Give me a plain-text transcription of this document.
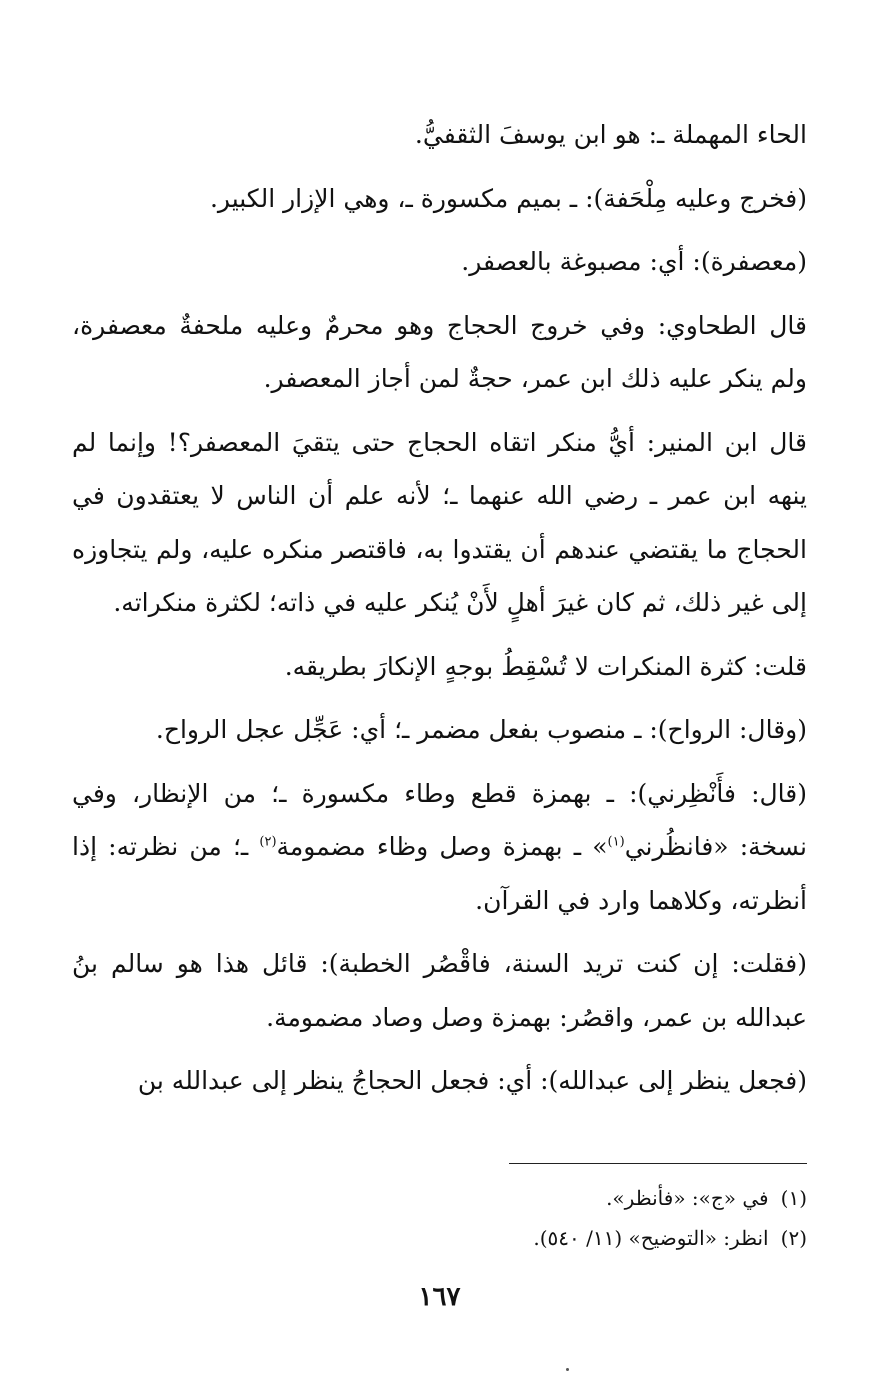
الحاء المهملة ـ: هو ابن يوسفَ الثقفيُّ.

(فخرج وعليه مِلْحَفة): ـ بميم مكسورة ـ، وهي الإزار الكبير.

(معصفرة): أي: مصبوغة بالعصفر.

قال الطحاوي: وفي خروج الحجاج وهو محرمٌ وعليه ملحفةٌ معصفرة، ولم ينكر عليه ذلك ابن عمر، حجةٌ لمن أجاز المعصفر.

قال ابن المنير: أيُّ منكر اتقاه الحجاج حتى يتقيَ المعصفر؟! وإنما لم ينهه ابن عمر ـ رضي الله عنهما ـ؛ لأنه علم أن الناس لا يعتقدون في الحجاج ما يقتضي عندهم أن يقتدوا به، فاقتصر منكره عليه، ولم يتجاوزه إلى غير ذلك، ثم كان غيرَ أهلٍ لأَنْ يُنكر عليه في ذاته؛ لكثرة منكراته.

قلت: كثرة المنكرات لا تُسْقِطُ بوجهٍ الإنكارَ بطريقه.

(وقال: الرواح): ـ منصوب بفعل مضمر ـ؛ أي: عَجِّل عجل الرواح.

(قال: فأَنْظِرني): ـ بهمزة قطع وطاء مكسورة ـ؛ من الإنظار، وفي نسخة: «فانظُرني$^{(١)}$» ـ بهمزة وصل وظاء مضمومة$^{(٢)}$ ـ؛ من نظرته: إذا أنظرته، وكلاهما وارد في القرآن.

(فقلت: إن كنت تريد السنة، فاقْصُر الخطبة): قائل هذا هو سالم بنُ عبدالله بن عمر، واقصُر: بهمزة وصل وصاد مضمومة.

(فجعل ينظر إلى عبدالله): أي: فجعل الحجاجُ ينظر إلى عبدالله بن

(١)في «ج»: «فأنظر».

(٢)انظر: «التوضيح» (١١/ ٥٤٠).

١٦٧
